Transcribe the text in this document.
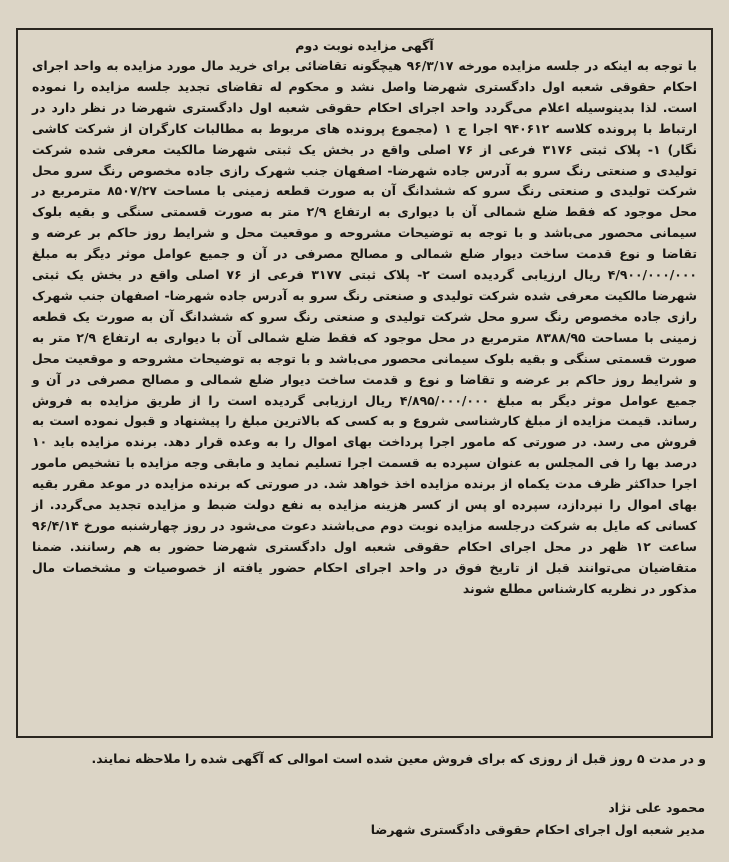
آگهی مزایده نوبت دوم

با توجه به اینکه در جلسه مزایده مورخه ۹۶/۳/۱۷ هیچگونه تقاضائی برای خرید مال مورد مزایده به واحد اجرای احکام حقوقی شعبه اول دادگستری شهرضا واصل نشد و محکوم له تقاضای تجدید جلسه مزایده را نموده است. لذا بدینوسیله اعلام می‌گردد واحد اجرای احکام حقوقی شعبه اول دادگستری شهرضا در نظر دارد در ارتباط با پرونده کلاسه ۹۴۰۶۱۲ اجرا ج ۱ (مجموع پرونده های مربوط به مطالبات کارگران از شرکت کاشی نگار) ۱- پلاک ثبتی ۳۱۷۶ فرعی از ۷۶ اصلی واقع در بخش یک ثبتی شهرضا مالکیت معرفی شده شرکت تولیدی و صنعتی رنگ سرو به آدرس جاده شهرضا- اصفهان جنب شهرک رازی جاده مخصوص رنگ سرو محل شرکت تولیدی و صنعتی رنگ سرو که ششدانگ آن به صورت قطعه زمینی با مساحت ۸۵۰۷/۲۷ مترمربع در محل موجود که فقط ضلع شمالی آن با دیواری به ارتفاع ۲/۹ متر به صورت قسمتی سنگی و بقیه بلوک سیمانی محصور می‌باشد و با توجه به توضیحات مشروحه و موقعیت محل و شرایط روز حاکم بر عرضه و تقاضا و نوع قدمت ساخت دیوار ضلع شمالی و مصالح مصرفی در آن و جمیع عوامل موثر دیگر به مبلغ ۴/۹۰۰/۰۰۰/۰۰۰ ریال ارزیابی گردیده است ۲- پلاک ثبتی ۳۱۷۷ فرعی از ۷۶ اصلی واقع در بخش یک ثبتی شهرضا مالکیت معرفی شده شرکت تولیدی و صنعتی رنگ سرو به آدرس جاده شهرضا- اصفهان جنب شهرک رازی جاده مخصوص رنگ سرو محل شرکت تولیدی و صنعتی رنگ سرو که ششدانگ آن به صورت یک قطعه زمینی با مساحت ۸۳۸۸/۹۵ مترمربع در محل موجود که فقط ضلع شمالی آن با دیواری به ارتفاع ۲/۹ متر به صورت قسمتی سنگی و بقیه بلوک سیمانی محصور می‌باشد و با توجه به توضیحات مشروحه و موقعیت محل و شرایط روز حاکم بر عرضه و تقاضا و نوع و قدمت ساخت دیوار ضلع شمالی و مصالح مصرفی در آن و جمیع عوامل موثر دیگر به مبلغ ۴/۸۹۵/۰۰۰/۰۰۰ ریال ارزیابی گردیده است را از طریق مزایده به فروش رساند. قیمت مزایده از مبلغ کارشناسی شروع و به کسی که بالاترین مبلغ را پیشنهاد و قبول نموده است به فروش می رسد. در صورتی که مامور اجرا پرداخت بهای اموال را به وعده قرار دهد. برنده مزایده باید ۱۰ درصد بها را فی المجلس به عنوان سپرده به قسمت اجرا تسلیم نماید و مابقی وجه مزایده با تشخیص مامور اجرا حداکثر ظرف مدت یکماه از برنده مزایده اخذ خواهد شد. در صورتی که برنده مزایده در موعد مقرر بقیه بهای اموال را نپردازد، سپرده او پس از کسر هزینه مزایده به نفع دولت ضبط و مزایده تجدید می‌گردد. از کسانی که مایل به شرکت درجلسه مزایده نوبت دوم می‌باشند دعوت می‌شود در روز چهارشنبه مورخ ۹۶/۴/۱۴ ساعت ۱۲ ظهر در محل اجرای احکام حقوقی شعبه اول دادگستری شهرضا حضور به هم رسانند. ضمنا متقاضیان می‌توانند قبل از تاریخ فوق در واحد اجرای احکام حضور یافته از خصوصیات و مشخصات مال مذکور در نظریه کارشناس مطلع شوند

و در مدت ۵ روز قبل از روزی که برای فروش معین شده است اموالی که آگهی شده را ملاحظه نمایند.

محمود علی نژاد
مدیر شعبه اول اجرای احکام حقوقی دادگستری شهرضا
